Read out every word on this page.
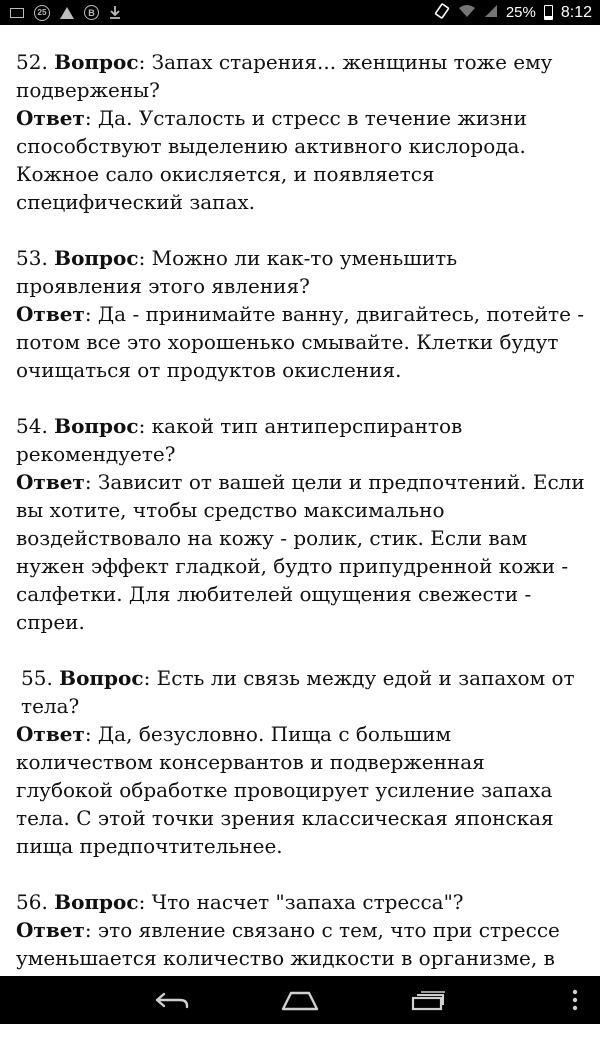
25	B	25% 8:12

52. Вопрос: Запах старения... женщины тоже ему подвержены?

Ответ: Да. Усталость и стресс в течение жизни способствуют выделению активного кислорода. Кожное сало окисляется, и появляется специфический запах.

53. Вопрос: Можно ли как-то уменьшить проявления этого явления?

Ответ: Да - принимайте ванну, двигайтесь, потейте - потом все это хорошенько смывайте. Клетки будут очищаться от продуктов окисления.

54. Вопрос: какой тип антиперспирантов рекомендуете?

Ответ: Зависит от вашей цели и предпочтений. Если вы хотите, чтобы средство максимально воздействовало на кожу - ролик, стик. Если вам нужен эффект гладкой, будто припудренной кожи - салфетки. Для любителей ощущения свежести - спреи.

55. Вопрос: Есть ли связь между едой и запахом от тела?

Ответ: Да, безусловно. Пища с большим количеством консервантов и подверженная глубокой обработке провоцирует усиление запаха тела. С этой точки зрения классическая японская пища предпочтительнее.

56. Вопрос: Что насчет "запаха стресса"?

Ответ: это явление связано с тем, что при стрессе уменьшается количество жидкости в организме, в
